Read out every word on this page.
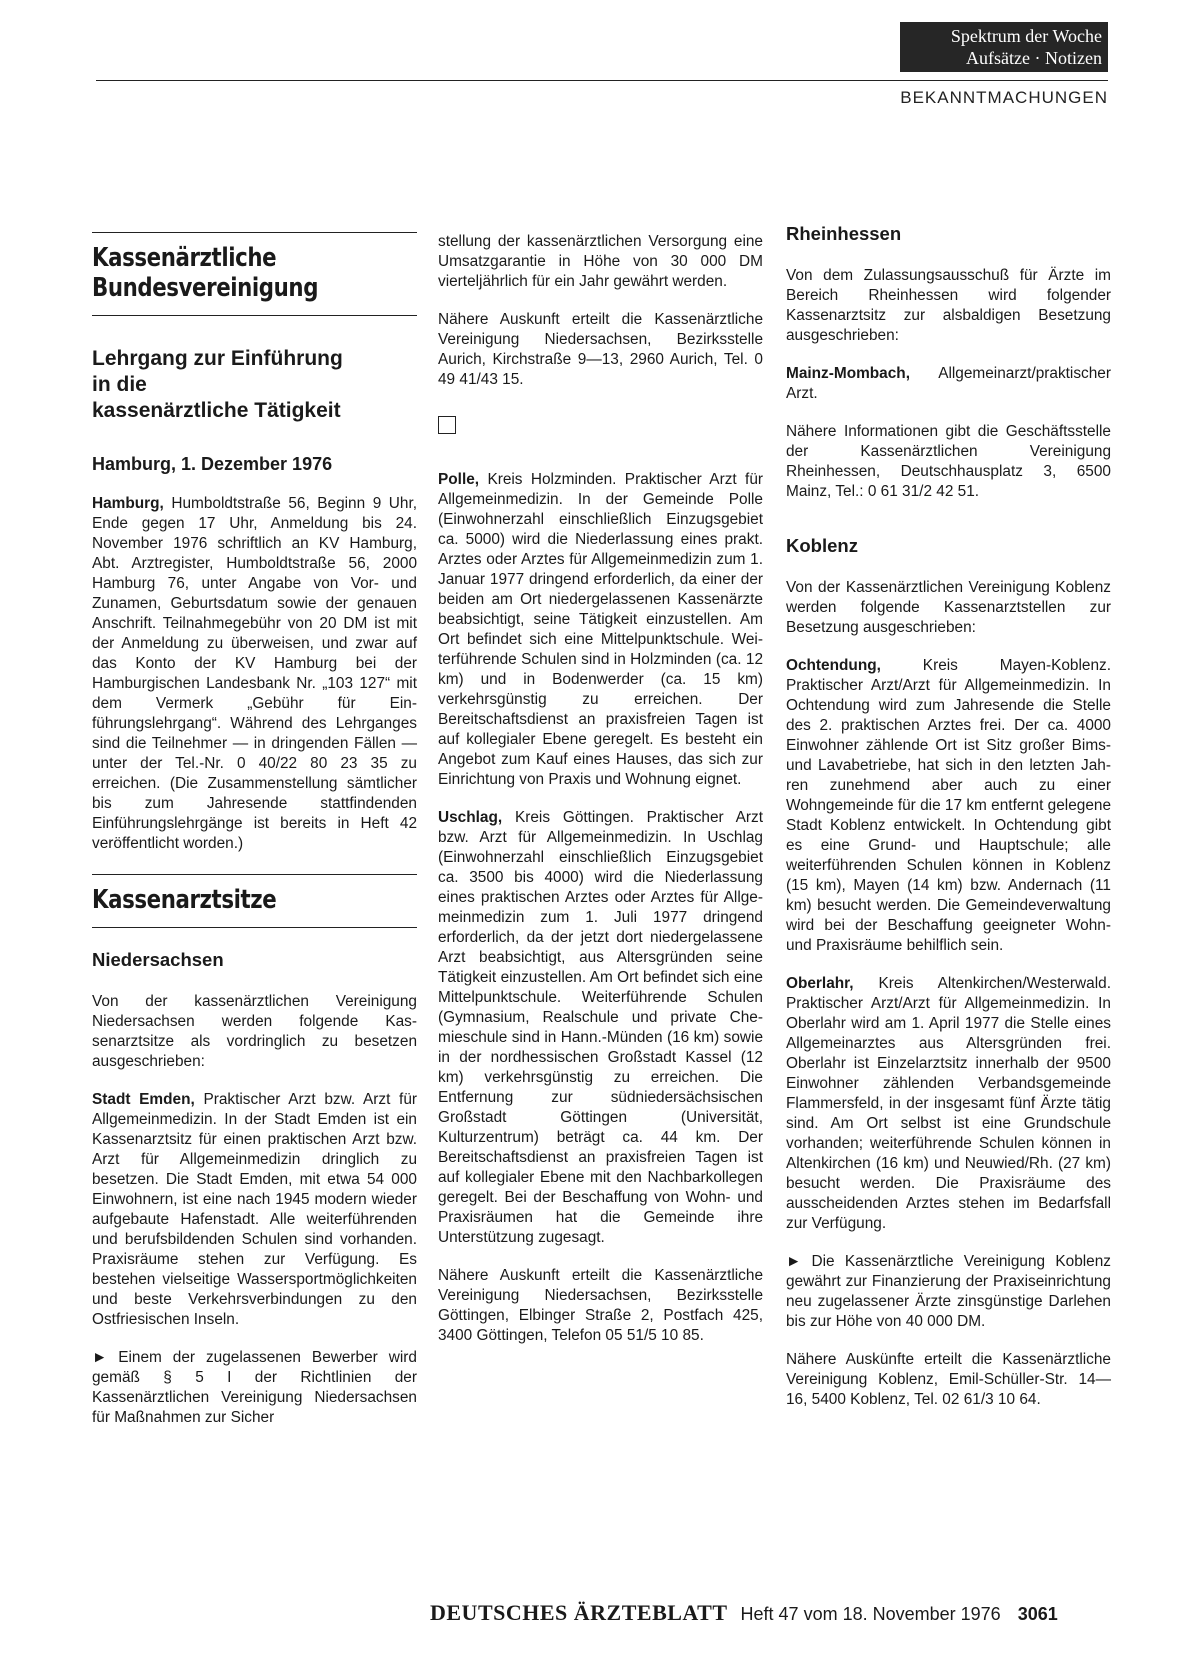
Spektrum der Woche
Aufsätze · Notizen
BEKANNTMACHUNGEN
Kassenärztliche
Bundesvereinigung
Lehrgang zur Einführung
in die
kassenärztliche Tätigkeit
Hamburg, 1. Dezember 1976

Hamburg, Humboldtstraße 56, Beginn 9 Uhr, Ende gegen 17 Uhr, Anmeldung bis 24. November 1976 schriftlich an KV Hamburg, Abt. Arztregister, Humboldtstraße 56, 2000 Hamburg 76, unter Angabe von Vor- und Zunamen, Geburtsdatum sowie der genauen Anschrift. Teilnahmegebühr von 20 DM ist mit der Anmeldung zu überweisen, und zwar auf das Konto der KV Hamburg bei der Hamburgischen Landesbank Nr. „103 127“ mit dem Vermerk „Gebühr für Einführungslehrgang“. Während des Lehrganges sind die Teilnehmer — in dringenden Fällen — unter der Tel.-Nr. 0 40/22 80 23 35 zu erreichen. (Die Zusammenstellung sämtlicher bis zum Jahresende stattfindenden Einführungslehrgänge ist bereits in Heft 42 veröffentlicht worden.)

Kassenarztsitze
Niedersachsen

Von der kassenärztlichen Vereinigung Niedersachsen werden folgende Kassenarztsitze als vordringlich zu besetzen ausgeschrieben:

Stadt Emden, Praktischer Arzt bzw. Arzt für Allgemeinmedizin. In der Stadt Emden ist ein Kassenarztsitz für einen praktischen Arzt bzw. Arzt für Allgemeinmedizin dringlich zu besetzen. Die Stadt Emden, mit etwa 54 000 Einwohnern, ist eine nach 1945 modern wieder aufgebaute Hafenstadt. Alle weiterführenden und berufsbildenden Schulen sind vorhanden. Praxisräume stehen zur Verfügung. Es bestehen vielseitige Wassersportmöglichkeiten und beste Verkehrsverbindungen zu den Ostfriesischen Inseln.

► Einem der zugelassenen Bewerber wird gemäß § 5 I der Richtlinien der Kassenärztlichen Vereinigung Niedersachsen für Maßnahmen zur Sicher

stellung der kassenärztlichen Versorgung eine Umsatzgarantie in Höhe von 30 000 DM vierteljährlich für ein Jahr gewährt werden.

Nähere Auskunft erteilt die Kassenärztliche Vereinigung Niedersachsen, Bezirksstelle Aurich, Kirchstraße 9—13, 2960 Aurich, Tel. 0 49 41/43 15.

Polle, Kreis Holzminden. Praktischer Arzt für Allgemeinmedizin. In der Gemeinde Polle (Einwohnerzahl einschließlich Einzugsgebiet ca. 5000) wird die Niederlassung eines prakt. Arztes oder Arztes für Allgemeinmedizin zum 1. Januar 1977 dringend erforderlich, da einer der beiden am Ort niedergelassenen Kassenärzte beabsichtigt, seine Tätigkeit einzustellen. Am Ort befindet sich eine Mittelpunktschule. Weiterführende Schulen sind in Holzminden (ca. 12 km) und in Bodenwerder (ca. 15 km) verkehrsgünstig zu erreichen. Der Bereitschaftsdienst an praxisfreien Tagen ist auf kollegialer Ebene geregelt. Es besteht ein Angebot zum Kauf eines Hauses, das sich zur Einrichtung von Praxis und Wohnung eignet.

Uschlag, Kreis Göttingen. Praktischer Arzt bzw. Arzt für Allgemeinmedizin. In Uschlag (Einwohnerzahl einschließlich Einzugsgebiet ca. 3500 bis 4000) wird die Niederlassung eines praktischen Arztes oder Arztes für Allgemeinmedizin zum 1. Juli 1977 dringend erforderlich, da der jetzt dort niedergelassene Arzt beabsichtigt, aus Altersgründen seine Tätigkeit einzustellen. Am Ort befindet sich eine Mittelpunktschule. Weiterführende Schulen (Gymnasium, Realschule und private Chemieschule sind in Hann.-Münden (16 km) sowie in der nordhessischen Großstadt Kassel (12 km) verkehrsgünstig zu erreichen. Die Entfernung zur südniedersächsischen Großstadt Göttingen (Universität, Kulturzentrum) beträgt ca. 44 km. Der Bereitschaftsdienst an praxisfreien Tagen ist auf kollegialer Ebene mit den Nachbarkollegen geregelt. Bei der Beschaffung von Wohn- und Praxisräumen hat die Gemeinde ihre Unterstützung zugesagt.

Nähere Auskunft erteilt die Kassenärztliche Vereinigung Niedersachsen, Bezirksstelle Göttingen, Elbinger Straße 2, Postfach 425, 3400 Göttingen, Telefon 05 51/5 10 85.

Rheinhessen

Von dem Zulassungsausschuß für Ärzte im Bereich Rheinhessen wird folgender Kassenarztsitz zur alsbaldigen Besetzung ausgeschrieben:

Mainz-Mombach, Allgemeinarzt/praktischer Arzt.

Nähere Informationen gibt die Geschäftsstelle der Kassenärztlichen Vereinigung Rheinhessen, Deutschhausplatz 3, 6500 Mainz, Tel.: 0 61 31/2 42 51.

Koblenz

Von der Kassenärztlichen Vereinigung Koblenz werden folgende Kassenarztstellen zur Besetzung ausgeschrieben:

Ochtendung, Kreis Mayen-Koblenz. Praktischer Arzt/Arzt für Allgemeinmedizin. In Ochtendung wird zum Jahresende die Stelle des 2. praktischen Arztes frei. Der ca. 4000 Einwohner zählende Ort ist Sitz großer Bims- und Lavabetriebe, hat sich in den letzten Jahren zunehmend aber auch zu einer Wohngemeinde für die 17 km entfernt gelegene Stadt Koblenz entwickelt. In Ochtendung gibt es eine Grund- und Hauptschule; alle weiterführenden Schulen können in Koblenz (15 km), Mayen (14 km) bzw. Andernach (11 km) besucht werden. Die Gemeindeverwaltung wird bei der Beschaffung geeigneter Wohn- und Praxisräume behilflich sein.

Oberlahr, Kreis Altenkirchen/Westerwald. Praktischer Arzt/Arzt für Allgemeinmedizin. In Oberlahr wird am 1. April 1977 die Stelle eines Allgemeinarztes aus Altersgründen frei. Oberlahr ist Einzelarztsitz innerhalb der 9500 Einwohner zählenden Verbandsgemeinde Flammersfeld, in der insgesamt fünf Ärzte tätig sind. Am Ort selbst ist eine Grundschule vorhanden; weiterführende Schulen können in Altenkirchen (16 km) und Neuwied/Rh. (27 km) besucht werden. Die Praxisräume des ausscheidenden Arztes stehen im Bedarfsfall zur Verfügung.

► Die Kassenärztliche Vereinigung Koblenz gewährt zur Finanzierung der Praxiseinrichtung neu zugelassener Ärzte zinsgünstige Darlehen bis zur Höhe von 40 000 DM.

Nähere Auskünfte erteilt die Kassenärztliche Vereinigung Koblenz, Emil-Schüller-Str. 14—16, 5400 Koblenz, Tel. 02 61/3 10 64.

DEUTSCHES ÄRZTEBLATT Heft 47 vom 18. November 1976 3061
